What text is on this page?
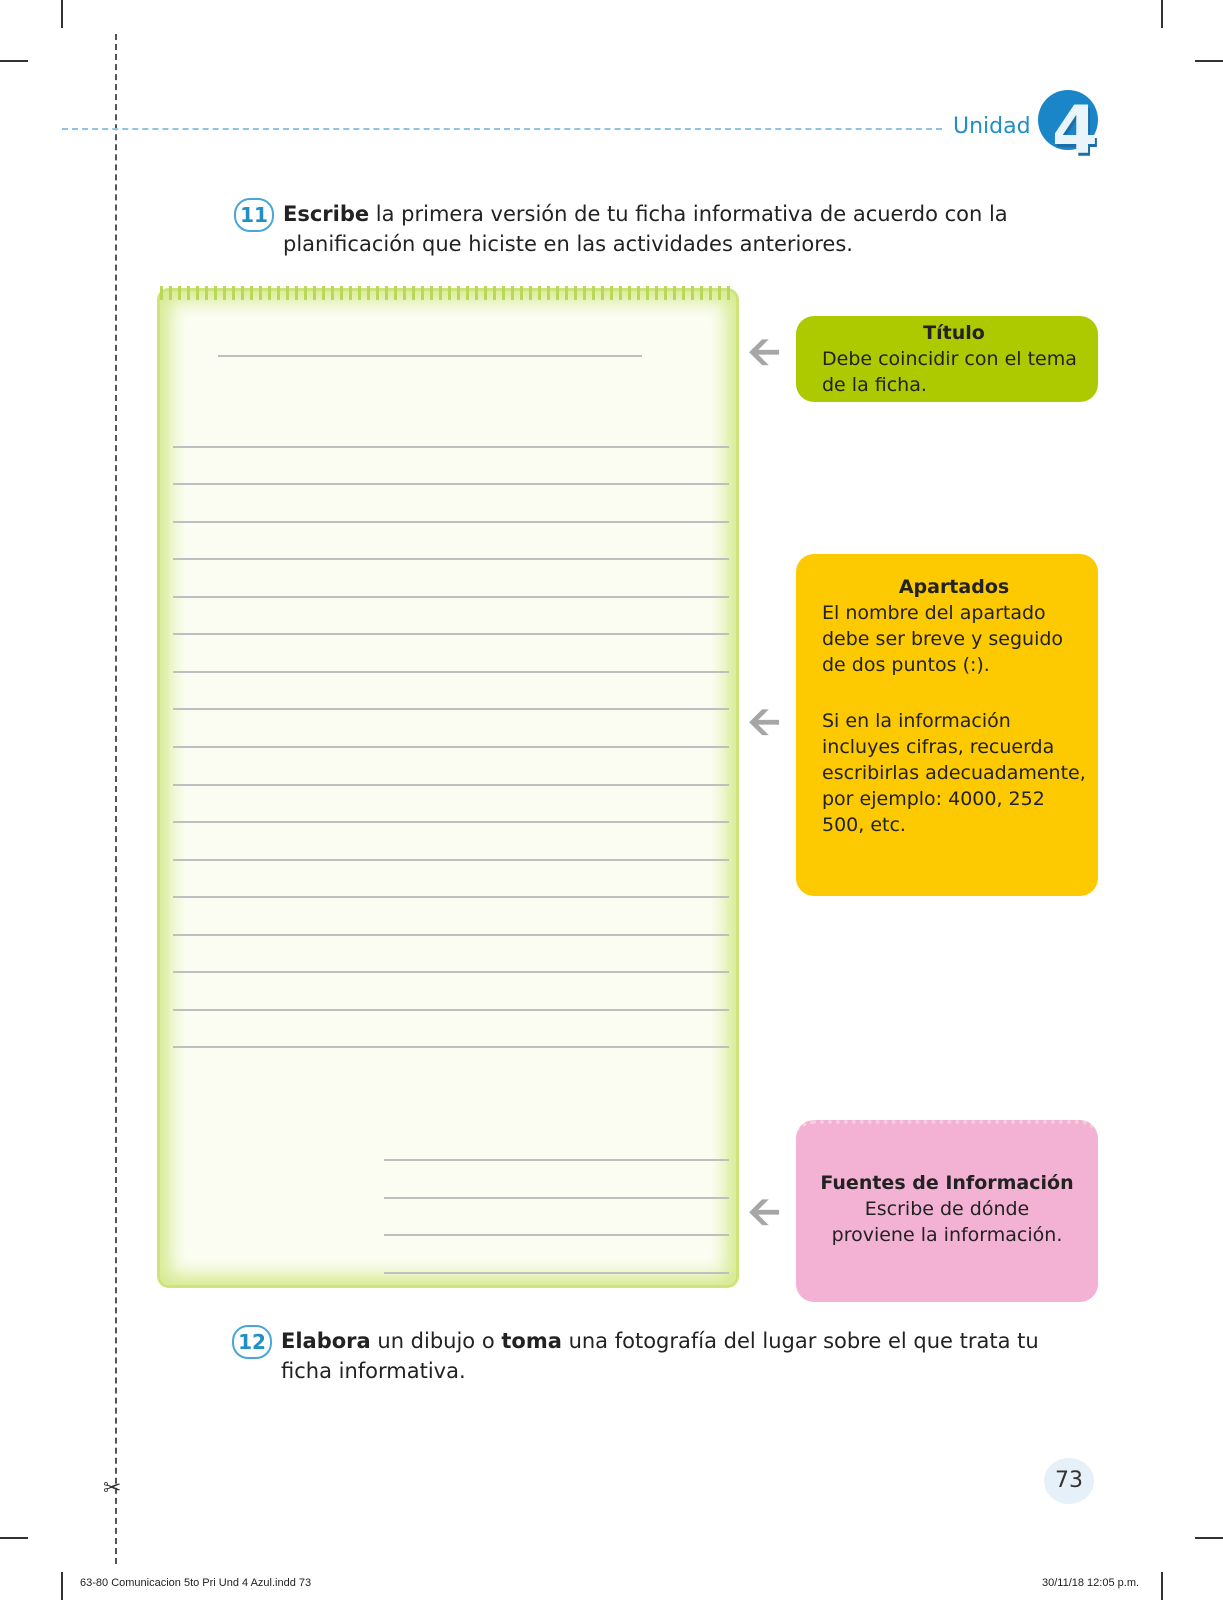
✂
Unidad 4
11 Escribe la primera versión de tu ficha informativa de acuerdo con la planificación que hiciste en las actividades anteriores.
🡨
🡨
🡨
Título
Debe coincidir con el tema de la ficha.
Apartados
El nombre del apartado debe ser breve y seguido de dos puntos (:).
Si en la información incluyes cifras, recuerda escribirlas adecuadamente, por ejemplo: 4000, 252 500, etc.
Fuentes de Información
Escribe de dónde proviene la información.
12 Elabora un dibujo o toma una fotografía del lugar sobre el que trata tu ficha informativa.
73
63-80 Comunicacion 5to Pri Und 4 Azul.indd 73	30/11/18 12:05 p.m.
